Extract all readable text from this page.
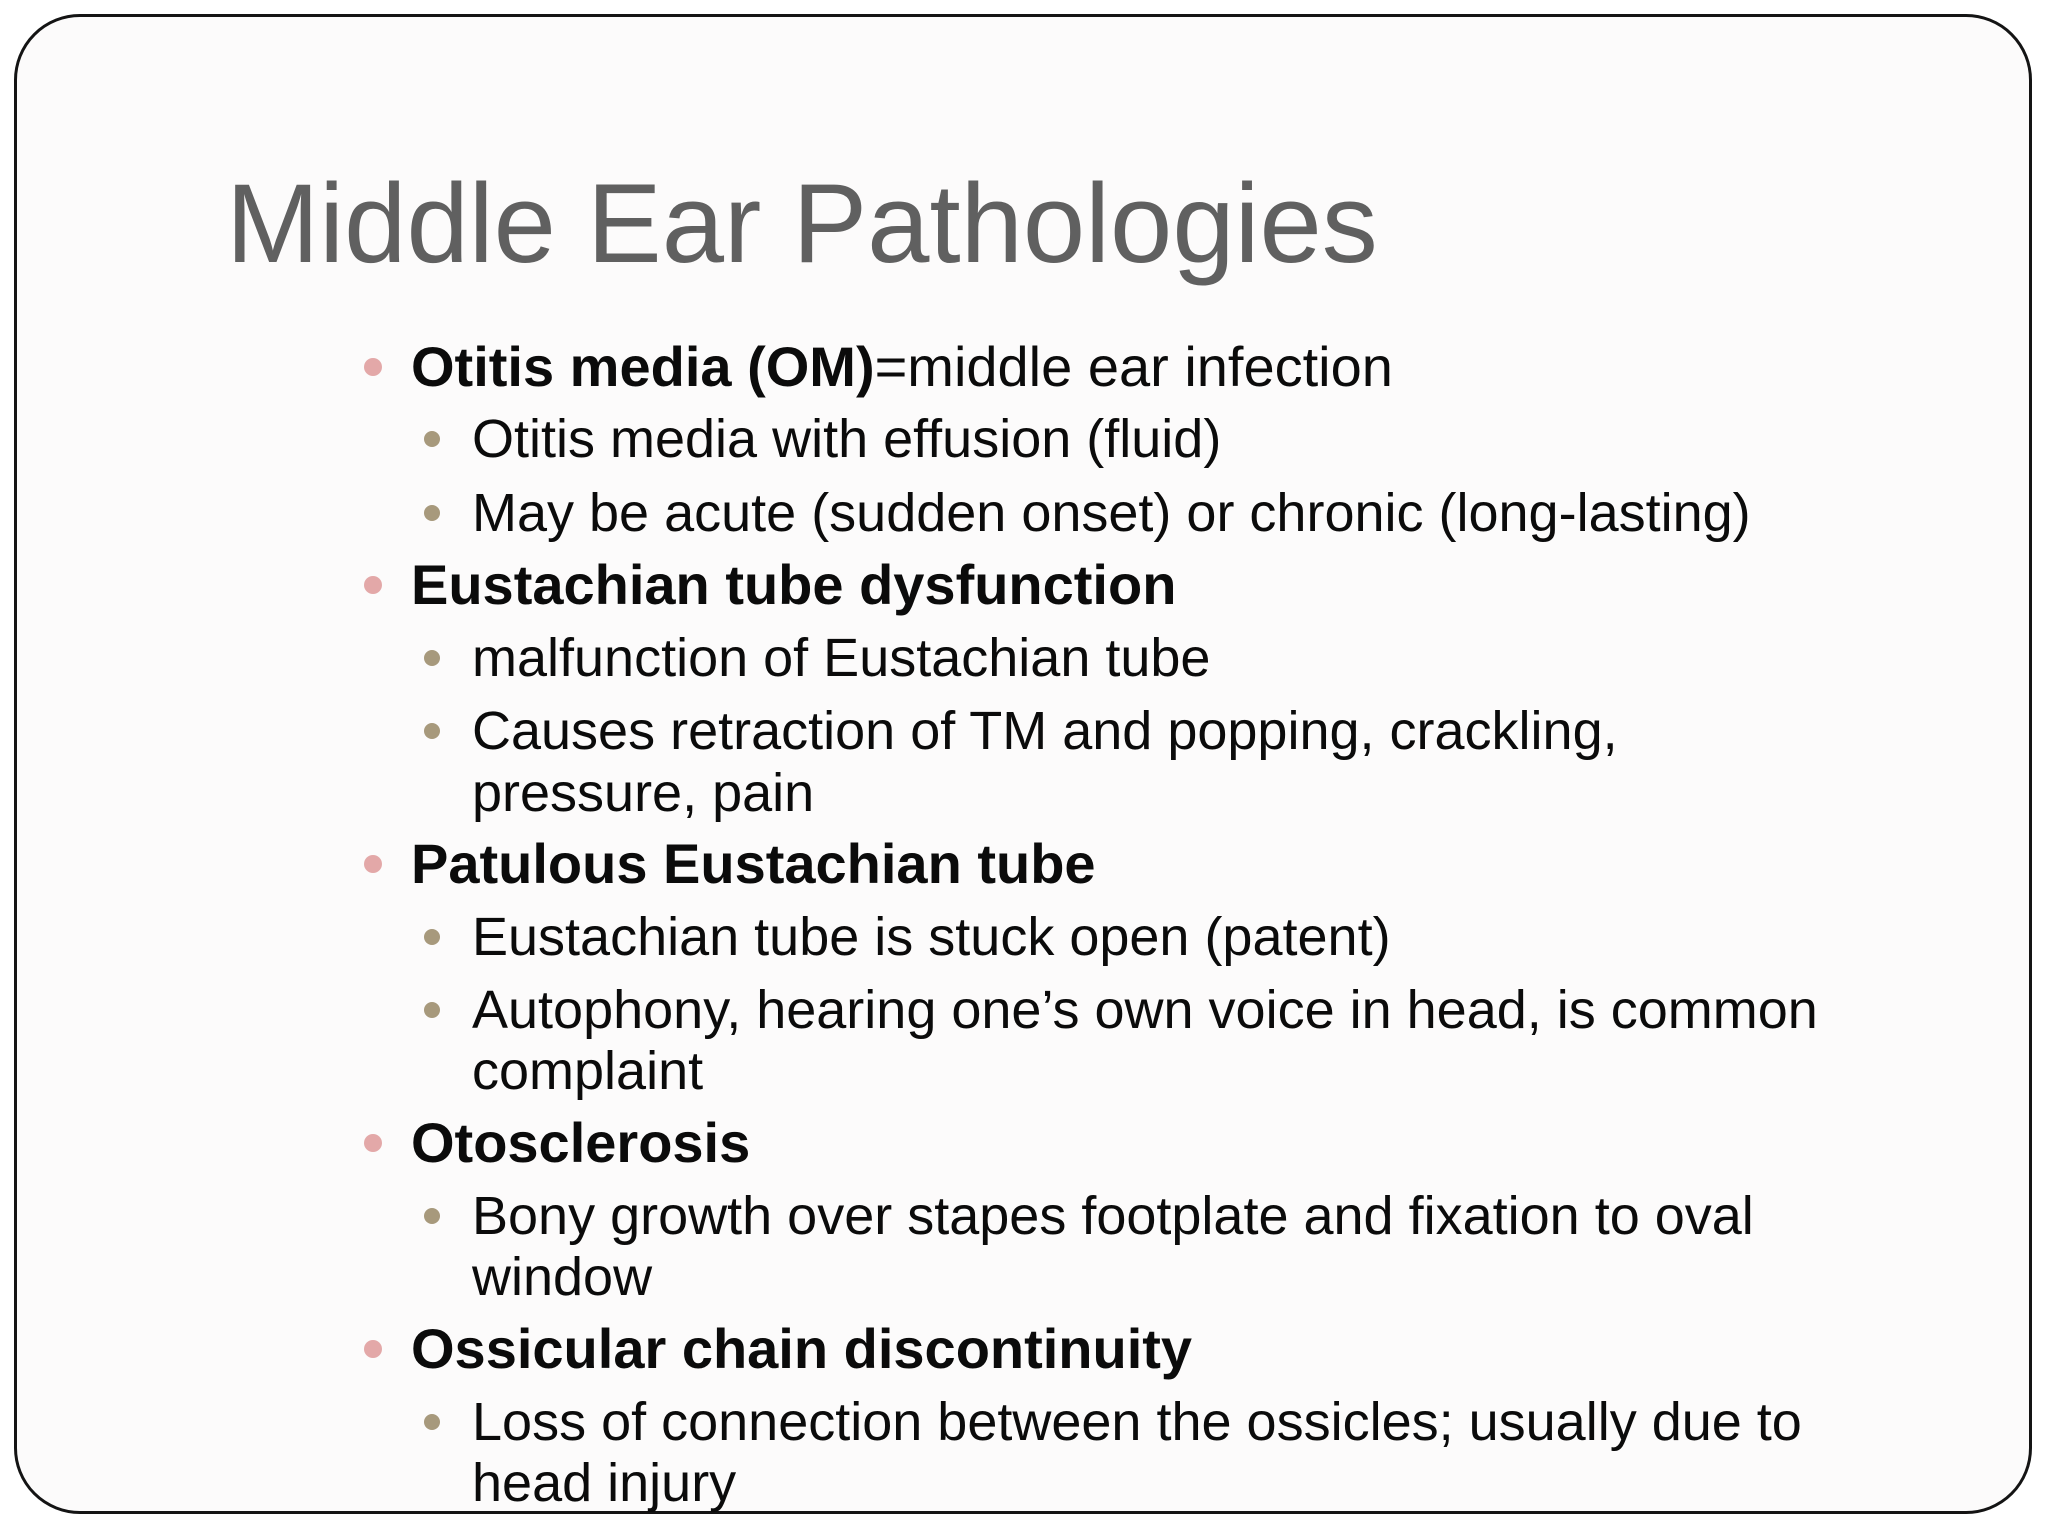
Middle Ear Pathologies

Otitis media (OM)=middle ear infection

Otitis media with effusion (fluid)

May be acute (sudden onset) or chronic (long-lasting)

Eustachian tube dysfunction

malfunction of Eustachian tube

Causes retraction of TM and popping, crackling,

pressure, pain

Patulous Eustachian tube

Eustachian tube is stuck open (patent)

Autophony, hearing one’s own voice in head, is common

complaint

Otosclerosis

Bony growth over stapes footplate and fixation to oval

window

Ossicular chain discontinuity

Loss of connection between the ossicles; usually due to

head injury
